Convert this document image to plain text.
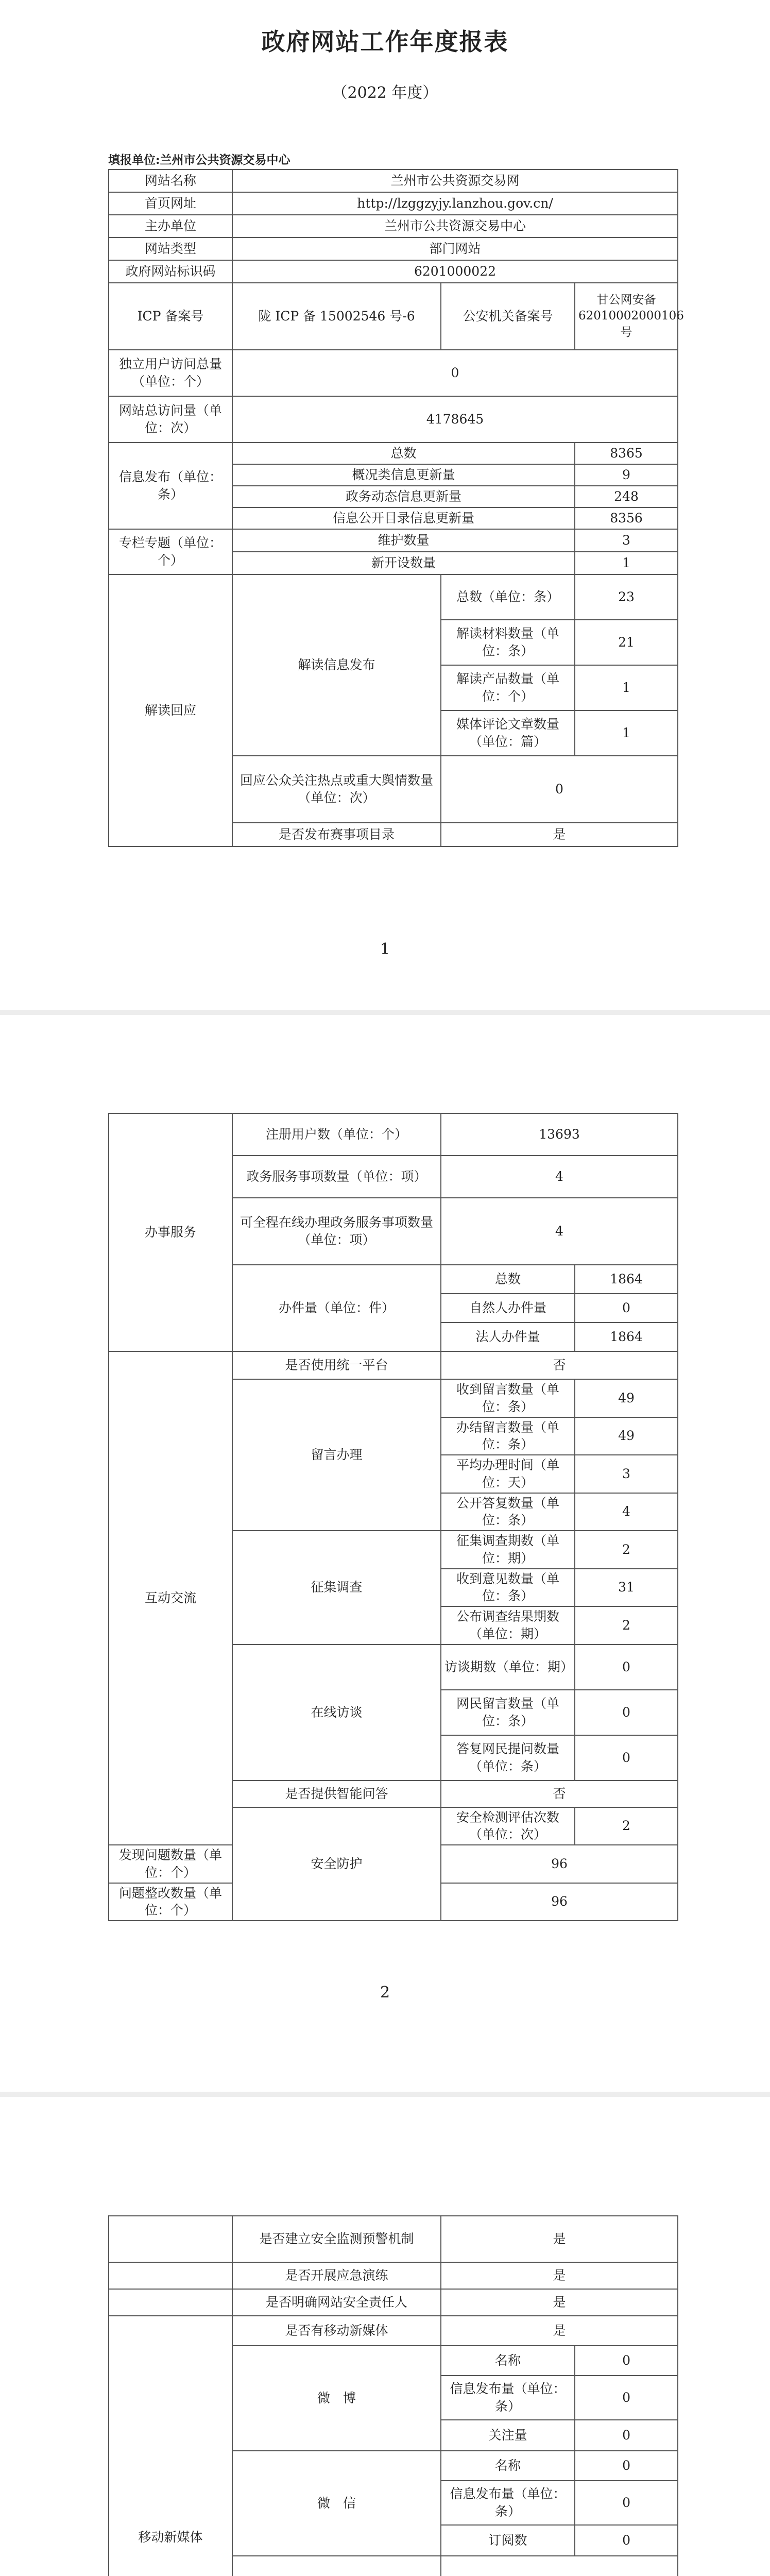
政府网站工作年度报表
（2022 年度）
填报单位:兰州市公共资源交易中心
网站名称	兰州市公共资源交易网		
首页网址	http://lzggzyjy.lanzhou.gov.cn/		
主办单位	兰州市公共资源交易中心		
网站类型	部门网站		
政府网站标识码	6201000022		
ICP 备案号	陇 ICP 备 15002546 号-6	公安机关备案号	甘公网安备62010002000106 号
独立用户访问总量（单位：个）	0		
网站总访问量（单位：次）	4178645		
信息发布（单位：条）	总数		8365
	概况类信息更新量		9
	政务动态信息更新量		248
	信息公开目录信息更新量		8356
专栏专题（单位：个）	维护数量		3
	新开设数量		1
解读回应	解读信息发布	总数（单位：条）	23
		解读材料数量（单位：条）	21
		解读产品数量（单位：个）	1
		媒体评论文章数量（单位：篇）	1
	回应公众关注热点或重大舆情数量（单位：次）	0	
	是否发布赛事项目录	是	
1
办事服务	注册用户数（单位：个）	13693	
	政务服务事项数量（单位：项）	4	
	可全程在线办理政务服务事项数量（单位：项）	4	
	办件量（单位：件）	总数	1864
		自然人办件量	0
		法人办件量	1864
互动交流	是否使用统一平台	否	
	留言办理	收到留言数量（单位：条）	49
		办结留言数量（单位：条）	49
		平均办理时间（单位：天）	3
		公开答复数量（单位：条）	4
	征集调查	征集调查期数（单位：期）	2
		收到意见数量（单位：条）	31
		公布调查结果期数（单位：期）	2
	在线访谈	访谈期数（单位：期）	0
		网民留言数量（单位：条）	0
		答复网民提问数量（单位：条）	0
	是否提供智能问答	否	
	安全防护	安全检测评估次数（单位：次）	2
发现问题数量（单位：个）		96	
问题整改数量（单位：个）		96	
2
	是否建立安全监测预警机制		是	
	是否开展应急演练		是	
	是否明确网站安全责任人		是	
移动新媒体	是否有移动新媒体		是	
	微　博		名称	0
			信息发布量（单位：条）	0
			关注量	0
	微　信		名称	0
			信息发布量（单位：条）	0
			订阅数	0
